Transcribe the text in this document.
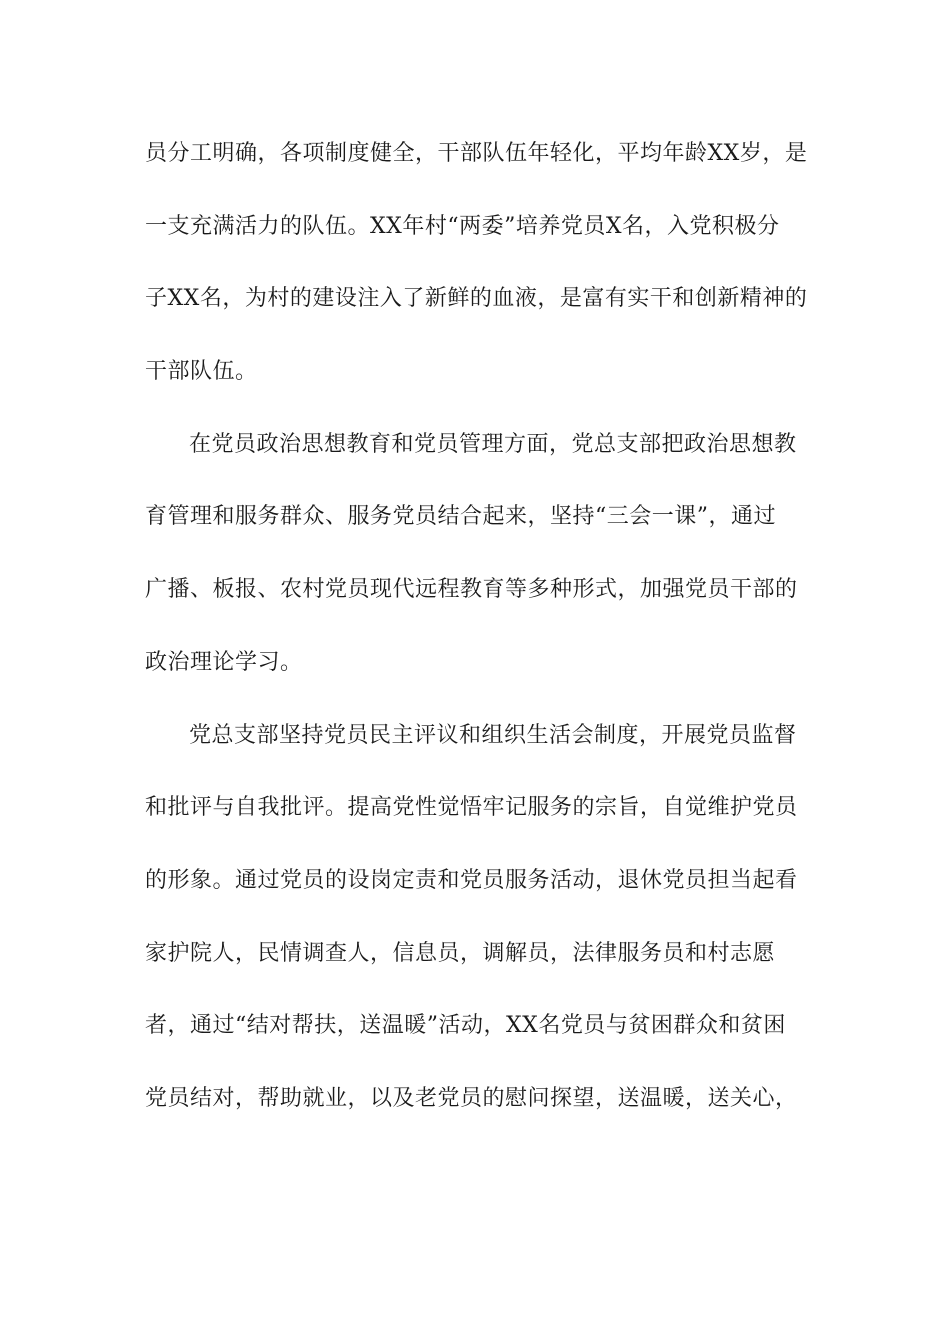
员分工明确，各项制度健全，干部队伍年轻化，平均年龄XX岁，是
一支充满活力的队伍。XX年村“两委”培养党员X名，入党积极分
子XX名，为村的建设注入了新鲜的血液，是富有实干和创新精神的
干部队伍。
在党员政治思想教育和党员管理方面，党总支部把政治思想教
育管理和服务群众、服务党员结合起来，坚持“三会一课”，通过
广播、板报、农村党员现代远程教育等多种形式，加强党员干部的
政治理论学习。
党总支部坚持党员民主评议和组织生活会制度，开展党员监督
和批评与自我批评。提高党性觉悟牢记服务的宗旨，自觉维护党员
的形象。通过党员的设岗定责和党员服务活动，退休党员担当起看
家护院人，民情调查人，信息员，调解员，法律服务员和村志愿
者，通过“结对帮扶，送温暖”活动，XX名党员与贫困群众和贫困
党员结对，帮助就业，以及老党员的慰问探望，送温暖，送关心，
